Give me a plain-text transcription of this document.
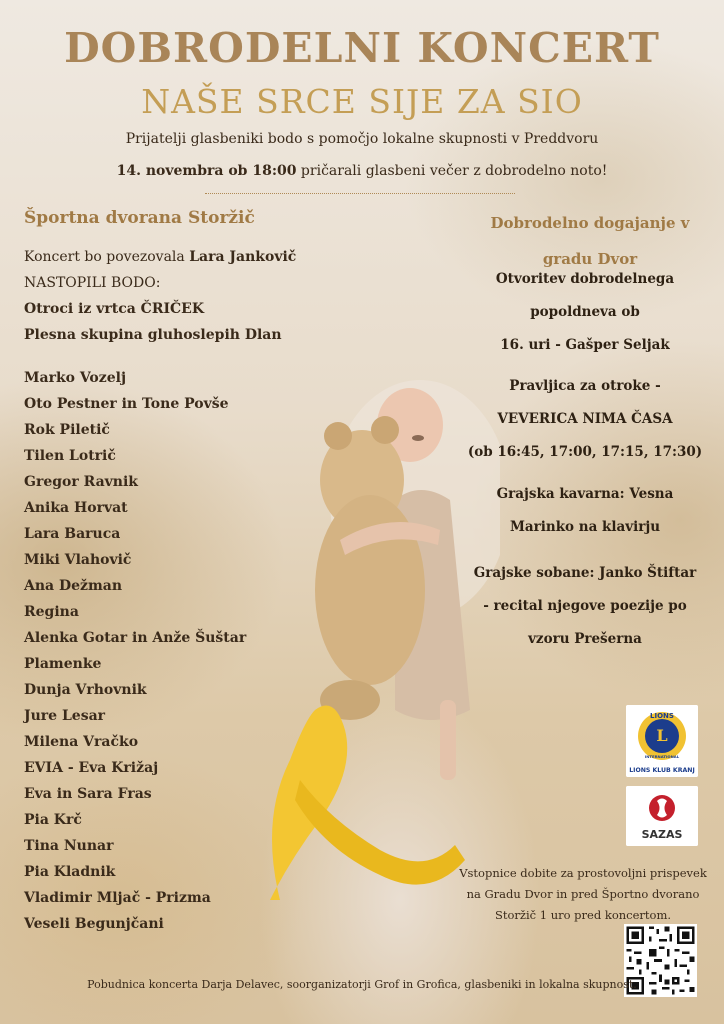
DOBRODELNI KONCERT
NAŠE SRCE SIJE ZA SIO
Prijatelji glasbeniki bodo s pomočjo lokalne skupnosti v Preddvoru
14. novembra ob 18:00 pričarali glasbeni večer z dobrodelno noto!
Športna dvorana Storžič
Koncert bo povezovala Lara Jankovič
NASTOPILI BODO:
Otroci iz vrtca ČRIČEK
Plesna skupina gluhoslepih Dlan
Marko Vozelj
Oto Pestner in Tone Povše
Rok Piletič
Tilen Lotrič
Gregor Ravnik
Anika Horvat
Lara Baruca
Miki Vlahovič
Ana Dežman
Regina
Alenka Gotar in Anže Šuštar
Plamenke
Dunja Vrhovnik
Jure Lesar
Milena Vračko
EVIA - Eva Križaj
Eva in Sara Fras
Pia Krč
Tina Nunar
Pia Kladnik
Vladimir Mljač - Prizma
Veseli Begunjčani
Dobrodelno dogajanje v
gradu Dvor
Otvoritev dobrodelnega
popoldneva ob
16. uri - Gašper Seljak
Pravljica za otroke -
VEVERICA NIMA ČASA
(ob 16:45, 17:00, 17:15, 17:30)
Grajska kavarna: Vesna
Marinko na klavirju
Grajske sobane: Janko Štiftar
- recital njegove poezije po
vzoru Prešerna
LIONS
INTERNATIONAL
L
LIONS KLUB KRANJ
SAZAS
Vstopnice dobite za prostovoljni prispevek
na Gradu Dvor in pred Športno dvorano
Storžič 1 uro pred koncertom.
Pobudnica koncerta Darja Delavec, soorganizatorji Grof in Grofica, glasbeniki in lokalna skupnost.
